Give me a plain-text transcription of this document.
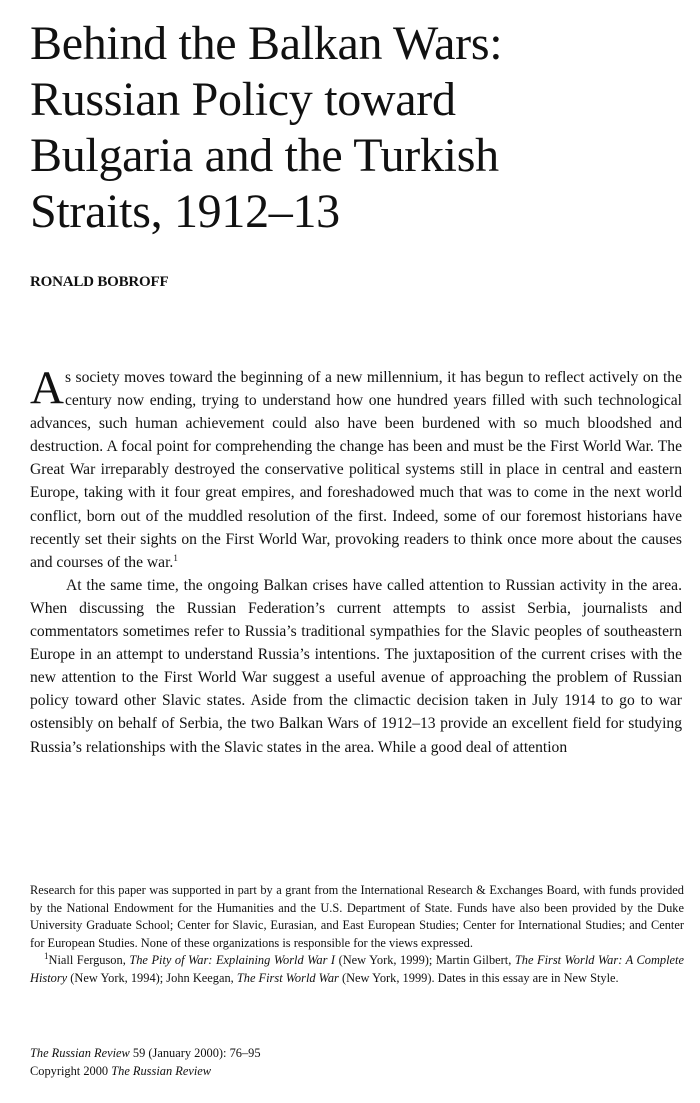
Behind the Balkan Wars:
Russian Policy toward
Bulgaria and the Turkish
Straits, 1912–13
RONALD BOBROFF

As society moves toward the beginning of a new millennium, it has begun to reflect actively on the century now ending, trying to understand how one hundred years filled with such technological advances, such human achievement could also have been burdened with so much bloodshed and destruction. A focal point for comprehending the change has been and must be the First World War. The Great War irreparably destroyed the conservative political systems still in place in central and eastern Europe, taking with it four great empires, and foreshadowed much that was to come in the next world conflict, born out of the muddled resolution of the first. Indeed, some of our foremost historians have recently set their sights on the First World War, provoking readers to think once more about the causes and courses of the war.$^1$

At the same time, the ongoing Balkan crises have called attention to Russian activity in the area. When discussing the Russian Federation’s current attempts to assist Serbia, journalists and commentators sometimes refer to Russia’s traditional sympathies for the Slavic peoples of southeastern Europe in an attempt to understand Russia’s intentions. The juxtaposition of the current crises with the new attention to the First World War suggest a useful avenue of approaching the problem of Russian policy toward other Slavic states. Aside from the climactic decision taken in July 1914 to go to war ostensibly on behalf of Serbia, the two Balkan Wars of 1912–13 provide an excellent field for studying Russia’s relationships with the Slavic states in the area. While a good deal of attention

Research for this paper was supported in part by a grant from the International Research & Exchanges Board, with funds provided by the National Endowment for the Humanities and the U.S. Department of State. Funds have also been provided by the Duke University Graduate School; Center for Slavic, Eurasian, and East European Studies; Center for International Studies; and Center for European Studies. None of these organizations is responsible for the views expressed.

$^1$Niall Ferguson, The Pity of War: Explaining World War I (New York, 1999); Martin Gilbert, The First World War: A Complete History (New York, 1994); John Keegan, The First World War (New York, 1999). Dates in this essay are in New Style.

The Russian Review 59 (January 2000): 76–95
Copyright 2000 The Russian Review
